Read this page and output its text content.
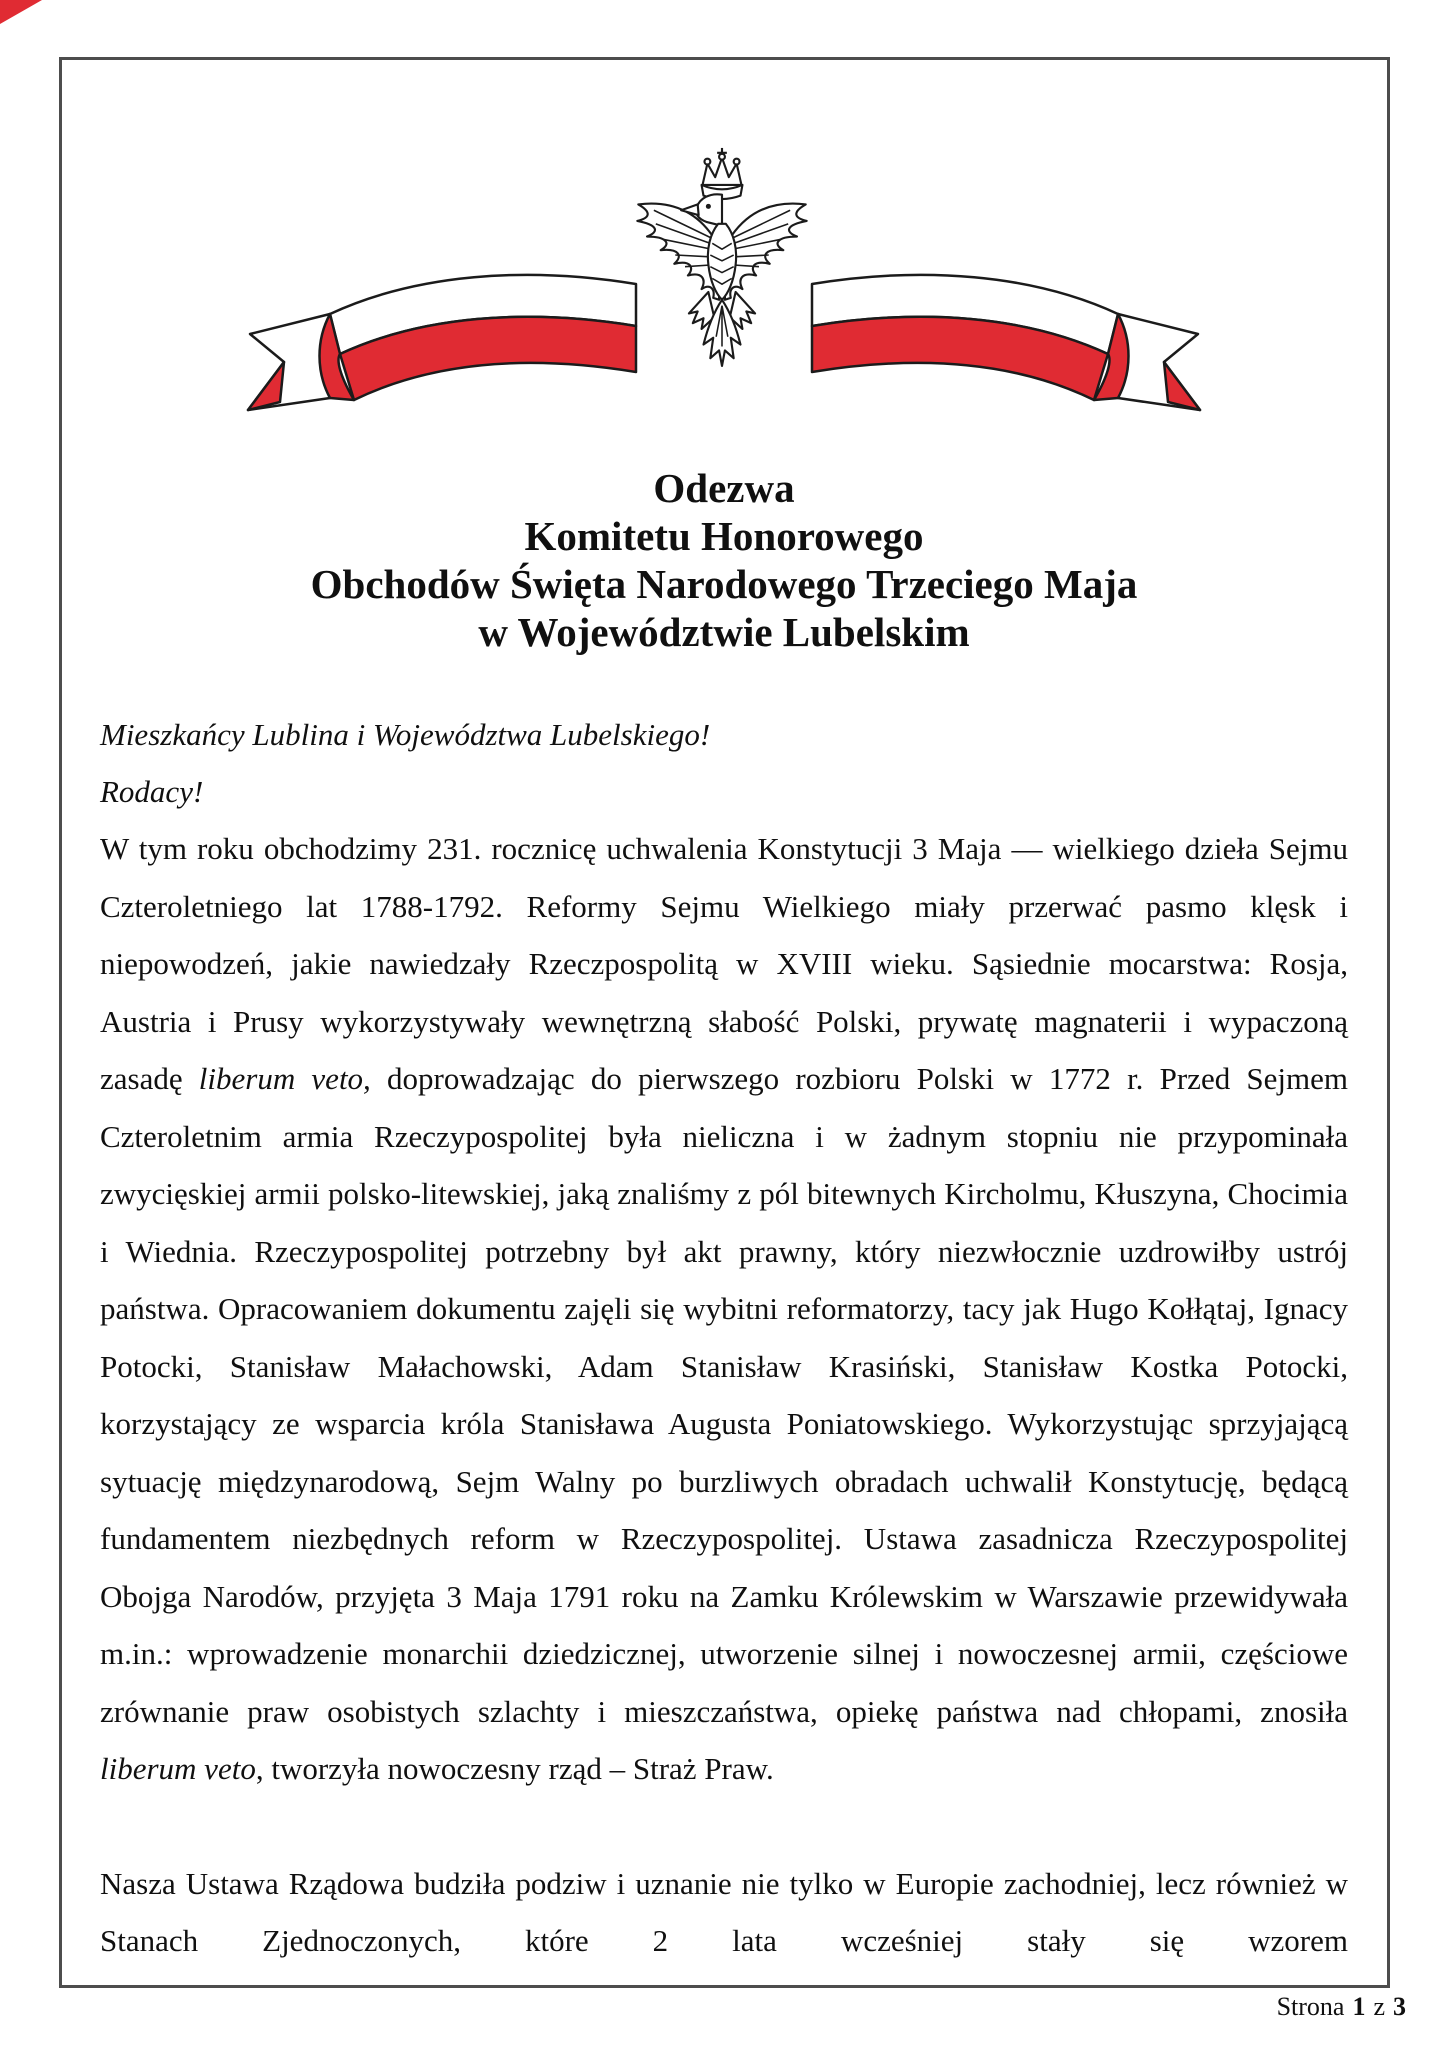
Odezwa
Komitetu Honorowego
Obchodów Święta Narodowego Trzeciego Maja
w Województwie Lubelskim
Mieszkańcy Lublina i Województwa Lubelskiego!
Rodacy!

W tym roku obchodzimy 231. rocznicę uchwalenia Konstytucji 3 Maja — wielkiego dzieła Sejmu Czteroletniego lat 1788-1792. Reformy Sejmu Wielkiego miały przerwać pasmo klęsk i niepowodzeń, jakie nawiedzały Rzeczpospolitą w XVIII wieku. Sąsiednie mocarstwa: Rosja, Austria i Prusy wykorzystywały wewnętrzną słabość Polski, prywatę magnaterii i wypaczoną zasadę liberum veto, doprowadzając do pierwszego rozbioru Polski w 1772 r. Przed Sejmem Czteroletnim armia Rzeczypospolitej była nieliczna i w żadnym stopniu nie przypominała zwycięskiej armii polsko-litewskiej, jaką znaliśmy z pól bitewnych Kircholmu, Kłuszyna, Chocimia i Wiednia. Rzeczypospolitej potrzebny był akt prawny, który niezwłocznie uzdrowiłby ustrój państwa. Opracowaniem dokumentu zajęli się wybitni reformatorzy, tacy jak Hugo Kołłątaj, Ignacy Potocki, Stanisław Małachowski, Adam Stanisław Krasiński, Stanisław Kostka Potocki, korzystający ze wsparcia króla Stanisława Augusta Poniatowskiego. Wykorzystując sprzyjającą sytuację międzynarodową, Sejm Walny po burzliwych obradach uchwalił Konstytucję, będącą fundamentem niezbędnych reform w Rzeczypospolitej. Ustawa zasadnicza Rzeczypospolitej Obojga Narodów, przyjęta 3 Maja 1791 roku na Zamku Królewskim w Warszawie przewidywała m.in.: wprowadzenie monarchii dziedzicznej, utworzenie silnej i nowoczesnej armii, częściowe zrównanie praw osobistych szlachty i mieszczaństwa, opiekę państwa nad chłopami, znosiła liberum veto, tworzyła nowoczesny rząd – Straż Praw.

Nasza Ustawa Rządowa budziła podziw i uznanie nie tylko w Europie zachodniej, lecz również w Stanach Zjednoczonych, które 2 lata wcześniej stały się wzorem

Strona 1 z 3
